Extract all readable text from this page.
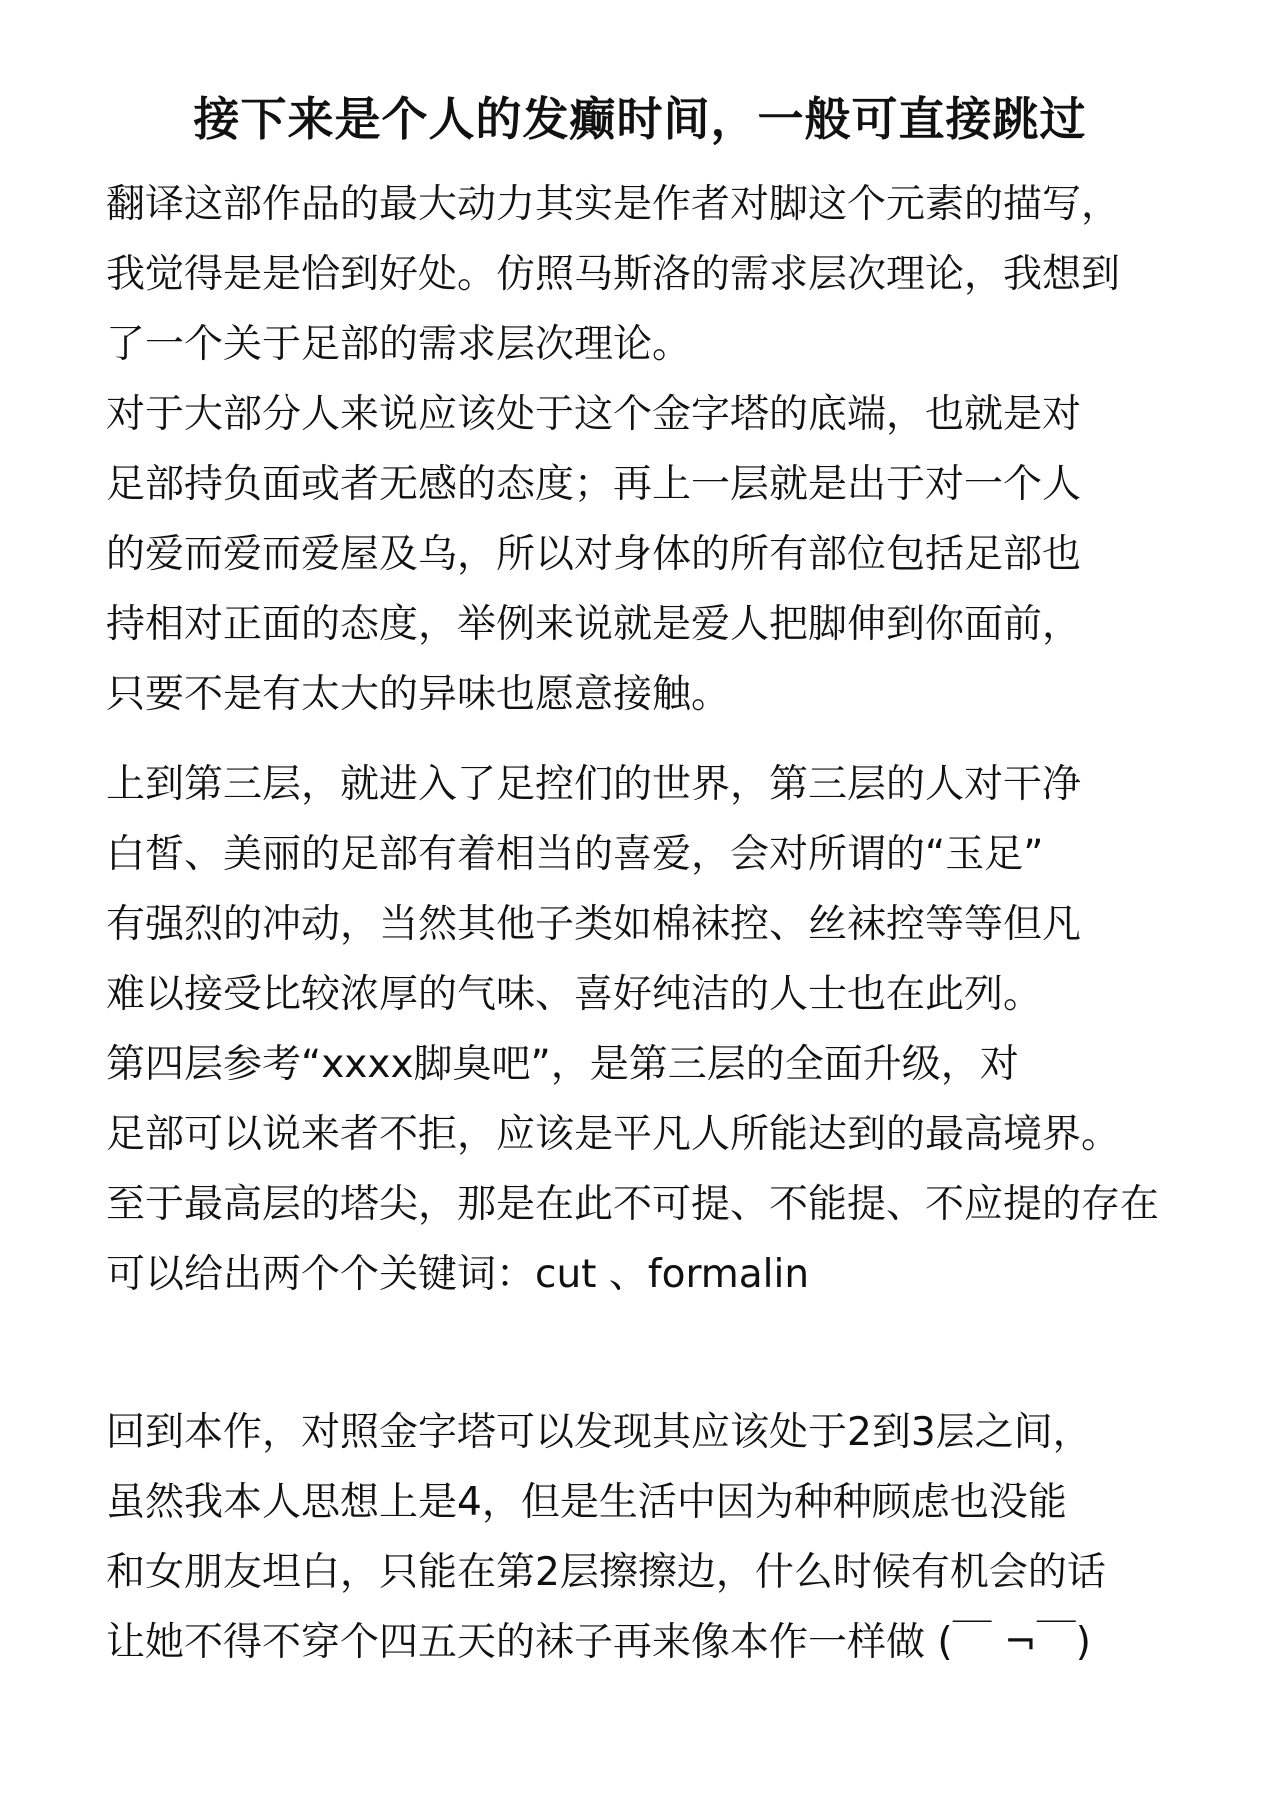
接下来是个人的发癫时间，一般可直接跳过
翻译这部作品的最大动力其实是作者对脚这个元素的描写，
我觉得是是恰到好处。仿照马斯洛的需求层次理论，我想到
了一个关于足部的需求层次理论。
对于大部分人来说应该处于这个金字塔的底端，也就是对
足部持负面或者无感的态度；再上一层就是出于对一个人
的爱而爱而爱屋及乌，所以对身体的所有部位包括足部也
持相对正面的态度，举例来说就是爱人把脚伸到你面前，
只要不是有太大的异味也愿意接触。
上到第三层，就进入了足控们的世界，第三层的人对干净
白皙、美丽的足部有着相当的喜爱，会对所谓的“玉足”
有强烈的冲动，当然其他子类如棉袜控、丝袜控等等但凡
难以接受比较浓厚的气味、喜好纯洁的人士也在此列。
第四层参考“xxxx脚臭吧”，是第三层的全面升级，对
足部可以说来者不拒，应该是平凡人所能达到的最高境界。
至于最高层的塔尖，那是在此不可提、不能提、不应提的存在
可以给出两个个关键词：cut 、formalin
回到本作，对照金字塔可以发现其应该处于2到3层之间，
虽然我本人思想上是4，但是生活中因为种种顾虑也没能
和女朋友坦白，只能在第2层擦擦边，什么时候有机会的话
让她不得不穿个四五天的袜子再来像本作一样做 (￣ ¬￣)
